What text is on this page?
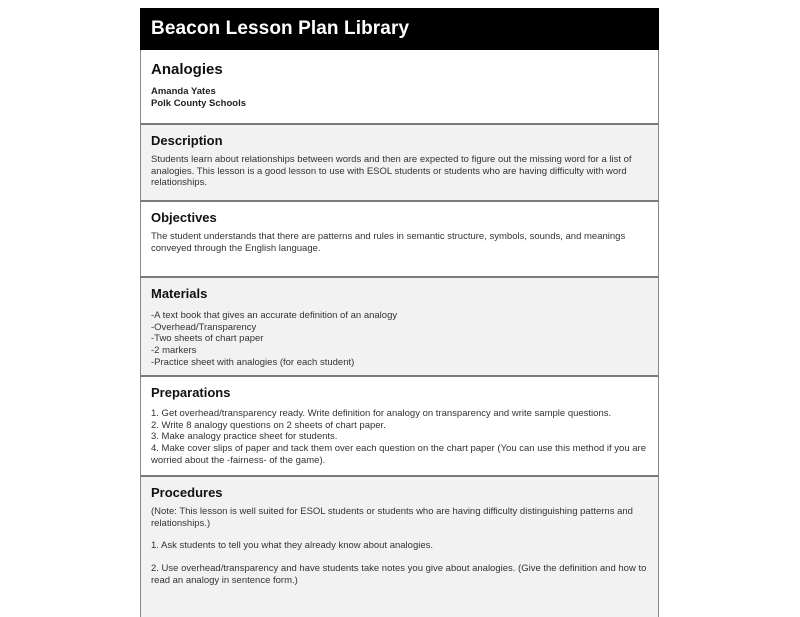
Beacon Lesson Plan Library
Analogies
Amanda Yates
Polk County Schools
Description

Students learn about relationships between words and then are expected to figure out the missing word for a list of analogies. This lesson is a good lesson to use with ESOL students or students who are having difficulty with word relationships.

Objectives

The student understands that there are patterns and rules in semantic structure, symbols, sounds, and meanings conveyed through the English language.

Materials
-A text book that gives an accurate definition of an analogy
-Overhead/Transparency
-Two sheets of chart paper
-2 markers
-Practice sheet with analogies (for each student)
Preparations
1. Get overhead/transparency ready. Write definition for analogy on transparency and write sample questions.
2. Write 8 analogy questions on 2 sheets of chart paper.
3. Make analogy practice sheet for students.
4. Make cover slips of paper and tack them over each question on the chart paper (You can use this method if you are worried about the -fairness- of the game).
Procedures

(Note: This lesson is well suited for ESOL students or students who are having difficulty distinguishing patterns and relationships.)

1. Ask students to tell you what they already know about analogies.

2. Use overhead/transparency and have students take notes you give about analogies. (Give the definition and how to read an analogy in sentence form.)
